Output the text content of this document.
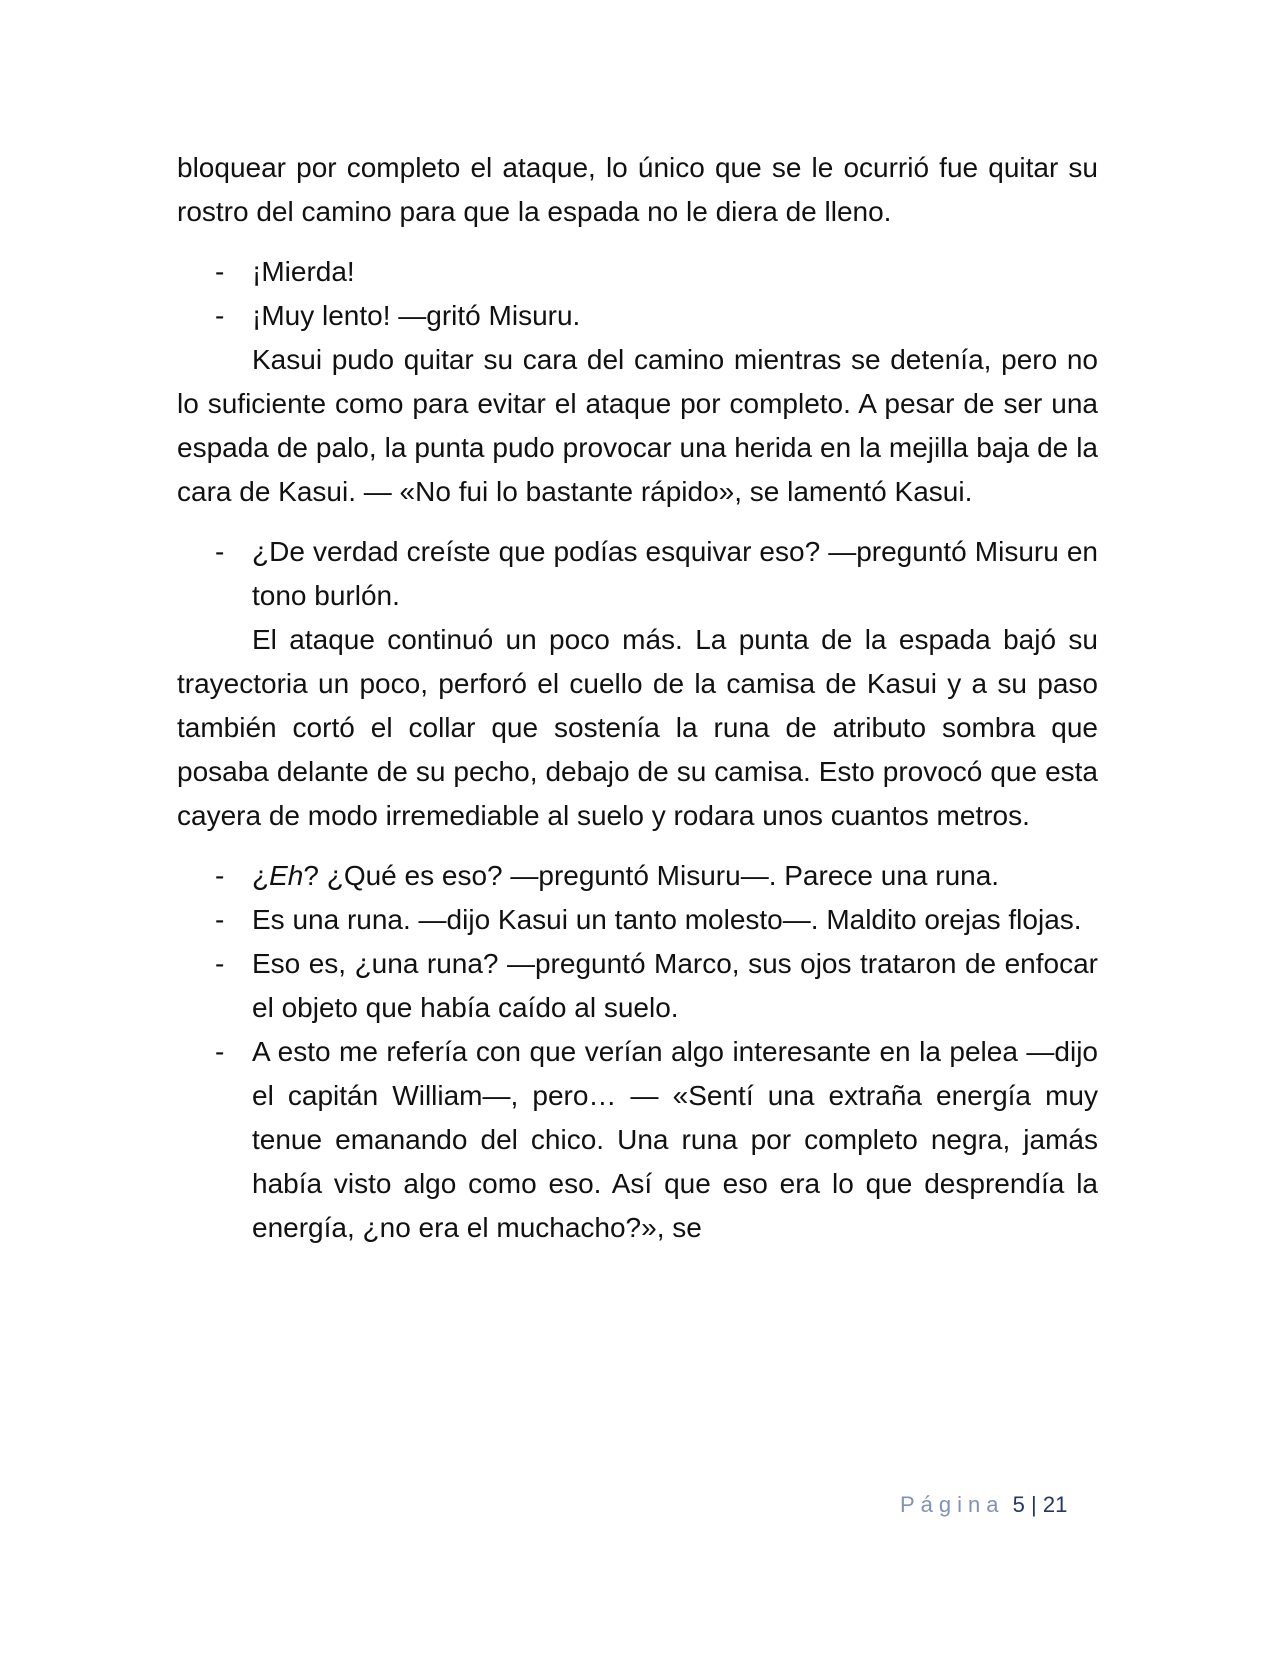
bloquear por completo el ataque, lo único que se le ocurrió fue quitar su rostro del camino para que la espada no le diera de lleno.

- ¡Mierda!
- ¡Muy lento! —gritó Misuru.

Kasui pudo quitar su cara del camino mientras se detenía, pero no lo suficiente como para evitar el ataque por completo. A pesar de ser una espada de palo, la punta pudo provocar una herida en la mejilla baja de la cara de Kasui. — «No fui lo bastante rápido», se lamentó Kasui.

- ¿De verdad creíste que podías esquivar eso? —preguntó Misuru en tono burlón.

El ataque continuó un poco más. La punta de la espada bajó su trayectoria un poco, perforó el cuello de la camisa de Kasui y a su paso también cortó el collar que sostenía la runa de atributo sombra que posaba delante de su pecho, debajo de su camisa. Esto provocó que esta cayera de modo irremediable al suelo y rodara unos cuantos metros.

- ¿Eh? ¿Qué es eso? —preguntó Misuru—. Parece una runa.
- Es una runa. —dijo Kasui un tanto molesto—. Maldito orejas flojas.
- Eso es, ¿una runa? —preguntó Marco, sus ojos trataron de enfocar el objeto que había caído al suelo.
- A esto me refería con que verían algo interesante en la pelea —dijo el capitán William—, pero… — «Sentí una extraña energía muy tenue emanando del chico. Una runa por completo negra, jamás había visto algo como eso. Así que eso era lo que desprendía la energía, ¿no era el muchacho?», se
Página 5 | 21
